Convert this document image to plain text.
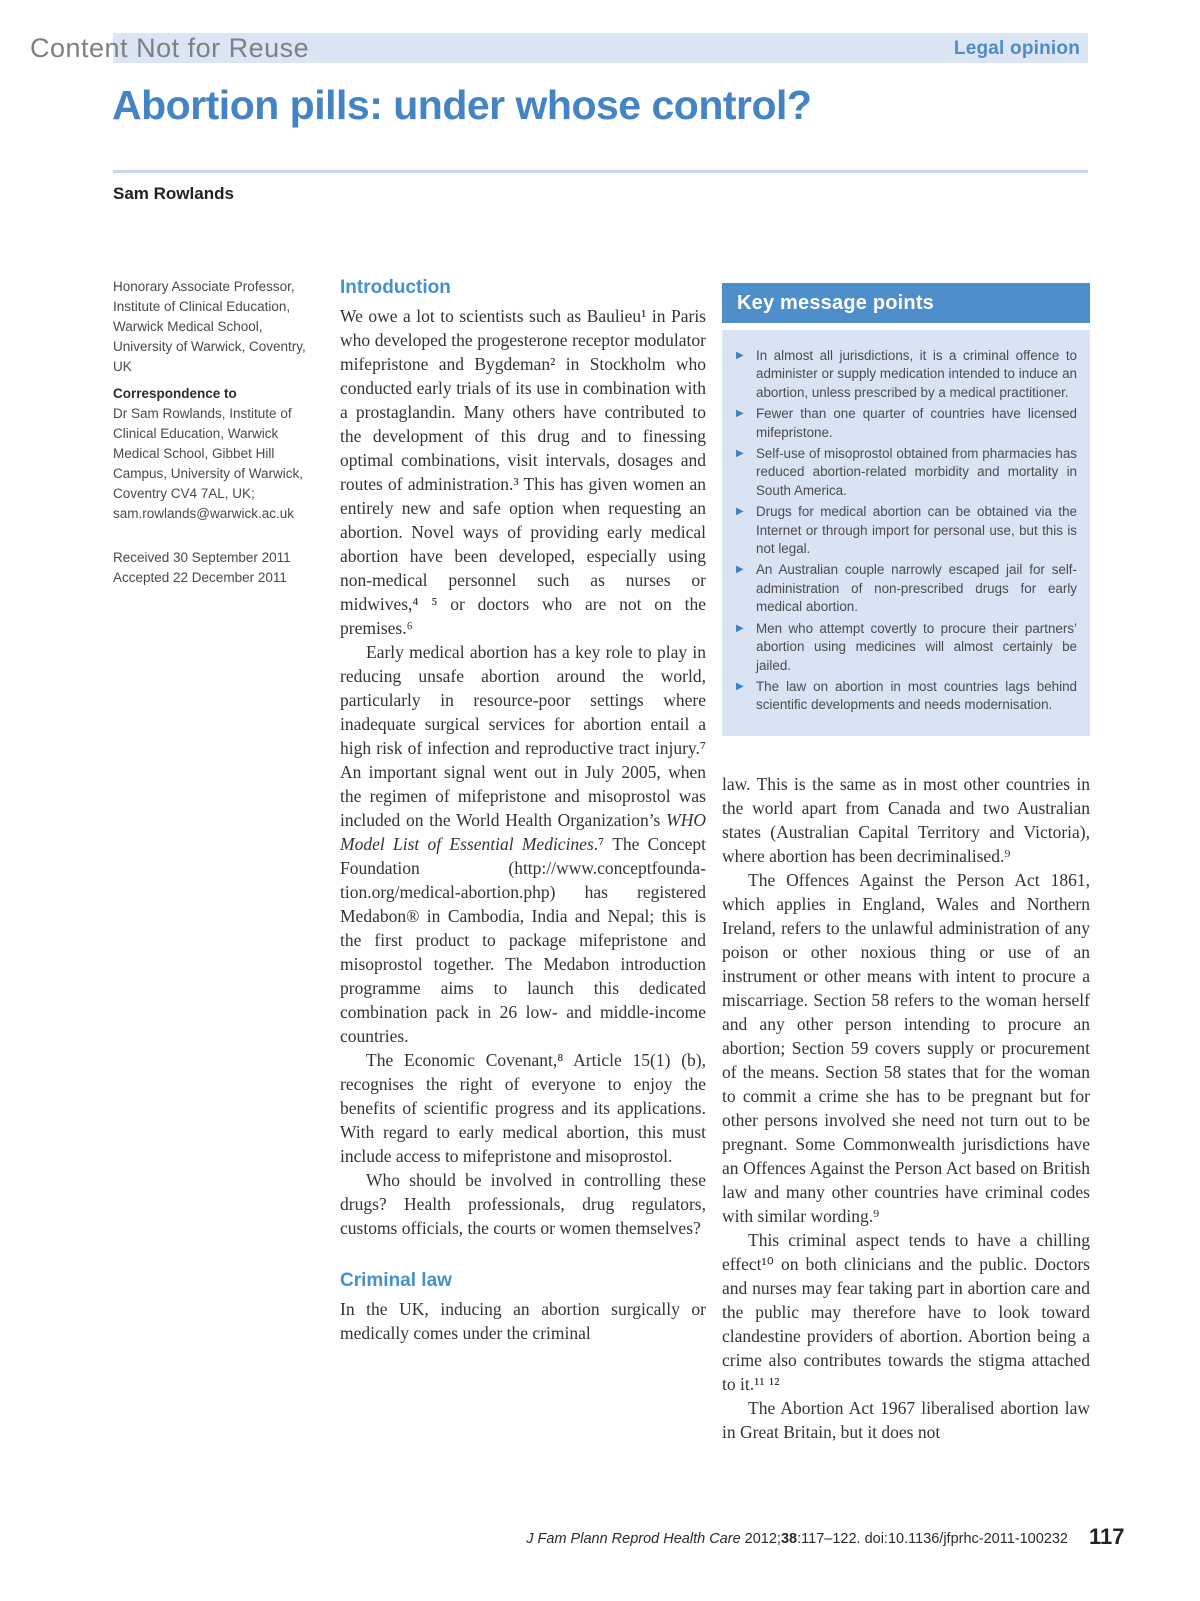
Legal opinion
Content Not for Reuse
Abortion pills: under whose control?
Sam Rowlands
Honorary Associate Professor, Institute of Clinical Education, Warwick Medical School, University of Warwick, Coventry, UK
Correspondence to
Dr Sam Rowlands, Institute of Clinical Education, Warwick Medical School, Gibbet Hill Campus, University of Warwick, Coventry CV4 7AL, UK; sam.rowlands@warwick.ac.uk
Received 30 September 2011
Accepted 22 December 2011
Introduction

We owe a lot to scientists such as Baulieu¹ in Paris who developed the progesterone receptor modulator mifepristone and Bygdeman² in Stockholm who conducted early trials of its use in combination with a prostaglandin. Many others have contributed to the development of this drug and to finessing optimal combinations, visit intervals, dosages and routes of administration.³ This has given women an entirely new and safe option when requesting an abortion. Novel ways of providing early medical abortion have been developed, especially using non-medical personnel such as nurses or midwives,⁴ ⁵ or doctors who are not on the premises.⁶

Early medical abortion has a key role to play in reducing unsafe abortion around the world, particularly in resource-poor settings where inadequate surgical services for abortion entail a high risk of infection and reproductive tract injury.⁷ An important signal went out in July 2005, when the regimen of mifepristone and misoprostol was included on the World Health Organization’s WHO Model List of Essential Medicines.⁷ The Concept Foundation (http://www.conceptfoundation.org/medical-abortion.php) has registered Medabon® in Cambodia, India and Nepal; this is the first product to package mifepristone and misoprostol together. The Medabon introduction programme aims to launch this dedicated combination pack in 26 low- and middle-income countries.

The Economic Covenant,⁸ Article 15(1) (b), recognises the right of everyone to enjoy the benefits of scientific progress and its applications. With regard to early medical abortion, this must include access to mifepristone and misoprostol.

Who should be involved in controlling these drugs? Health professionals, drug regulators, customs officials, the courts or women themselves?

Criminal law

In the UK, inducing an abortion surgically or medically comes under the criminal

Key message points
▶ In almost all jurisdictions, it is a criminal offence to administer or supply medication intended to induce an abortion, unless prescribed by a medical practitioner.
▶ Fewer than one quarter of countries have licensed mifepristone.
▶ Self-use of misoprostol obtained from pharmacies has reduced abortion-related morbidity and mortality in South America.
▶ Drugs for medical abortion can be obtained via the Internet or through import for personal use, but this is not legal.
▶ An Australian couple narrowly escaped jail for self-administration of non-prescribed drugs for early medical abortion.
▶ Men who attempt covertly to procure their partners’ abortion using medicines will almost certainly be jailed.
▶ The law on abortion in most countries lags behind scientific developments and needs modernisation.

law. This is the same as in most other countries in the world apart from Canada and two Australian states (Australian Capital Territory and Victoria), where abortion has been decriminalised.⁹

The Offences Against the Person Act 1861, which applies in England, Wales and Northern Ireland, refers to the unlawful administration of any poison or other noxious thing or use of an instrument or other means with intent to procure a miscarriage. Section 58 refers to the woman herself and any other person intending to procure an abortion; Section 59 covers supply or procurement of the means. Section 58 states that for the woman to commit a crime she has to be pregnant but for other persons involved she need not turn out to be pregnant. Some Commonwealth jurisdictions have an Offences Against the Person Act based on British law and many other countries have criminal codes with similar wording.⁹

This criminal aspect tends to have a chilling effect¹⁰ on both clinicians and the public. Doctors and nurses may fear taking part in abortion care and the public may therefore have to look toward clandestine providers of abortion. Abortion being a crime also contributes towards the stigma attached to it.¹¹ ¹²

The Abortion Act 1967 liberalised abortion law in Great Britain, but it does not

J Fam Plann Reprod Health Care 2012;38:117–122. doi:10.1136/jfprhc-2011-100232 117
